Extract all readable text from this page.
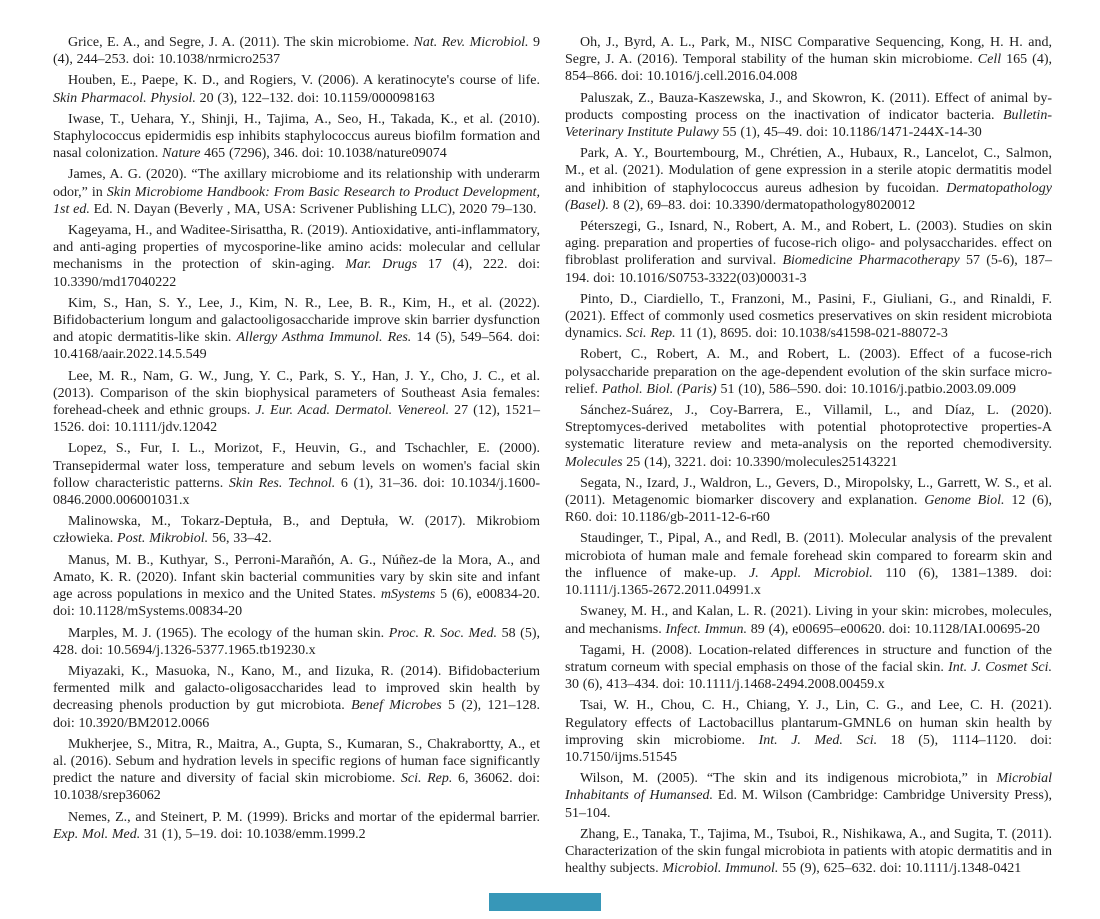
Grice, E. A., and Segre, J. A. (2011). The skin microbiome. Nat. Rev. Microbiol. 9 (4), 244–253. doi: 10.1038/nrmicro2537

Houben, E., Paepe, K. D., and Rogiers, V. (2006). A keratinocyte's course of life. Skin Pharmacol. Physiol. 20 (3), 122–132. doi: 10.1159/000098163

Iwase, T., Uehara, Y., Shinji, H., Tajima, A., Seo, H., Takada, K., et al. (2010). Staphylococcus epidermidis esp inhibits staphylococcus aureus biofilm formation and nasal colonization. Nature 465 (7296), 346. doi: 10.1038/nature09074

James, A. G. (2020). “The axillary microbiome and its relationship with underarm odor,” in Skin Microbiome Handbook: From Basic Research to Product Development, 1st ed. Ed. N. Dayan (Beverly , MA, USA: Scrivener Publishing LLC), 2020 79–130.

Kageyama, H., and Waditee-Sirisattha, R. (2019). Antioxidative, anti-inflammatory, and anti-aging properties of mycosporine-like amino acids: molecular and cellular mechanisms in the protection of skin-aging. Mar. Drugs 17 (4), 222. doi: 10.3390/md17040222

Kim, S., Han, S. Y., Lee, J., Kim, N. R., Lee, B. R., Kim, H., et al. (2022). Bifidobacterium longum and galactooligosaccharide improve skin barrier dysfunction and atopic dermatitis-like skin. Allergy Asthma Immunol. Res. 14 (5), 549–564. doi: 10.4168/aair.2022.14.5.549

Lee, M. R., Nam, G. W., Jung, Y. C., Park, S. Y., Han, J. Y., Cho, J. C., et al. (2013). Comparison of the skin biophysical parameters of Southeast Asia females: forehead-cheek and ethnic groups. J. Eur. Acad. Dermatol. Venereol. 27 (12), 1521–1526. doi: 10.1111/jdv.12042

Lopez, S., Fur, I. L., Morizot, F., Heuvin, G., and Tschachler, E. (2000). Transepidermal water loss, temperature and sebum levels on women's facial skin follow characteristic patterns. Skin Res. Technol. 6 (1), 31–36. doi: 10.1034/j.1600-0846.2000.006001031.x

Malinowska, M., Tokarz-Deptuła, B., and Deptuła, W. (2017). Mikrobiom człowieka. Post. Mikrobiol. 56, 33–42.

Manus, M. B., Kuthyar, S., Perroni-Marañón, A. G., Núñez-de la Mora, A., and Amato, K. R. (2020). Infant skin bacterial communities vary by skin site and infant age across populations in mexico and the United States. mSystems 5 (6), e00834-20. doi: 10.1128/mSystems.00834-20

Marples, M. J. (1965). The ecology of the human skin. Proc. R. Soc. Med. 58 (5), 428. doi: 10.5694/j.1326-5377.1965.tb19230.x

Miyazaki, K., Masuoka, N., Kano, M., and Iizuka, R. (2014). Bifidobacterium fermented milk and galacto-oligosaccharides lead to improved skin health by decreasing phenols production by gut microbiota. Benef Microbes 5 (2), 121–128. doi: 10.3920/BM2012.0066

Mukherjee, S., Mitra, R., Maitra, A., Gupta, S., Kumaran, S., Chakrabortty, A., et al. (2016). Sebum and hydration levels in specific regions of human face significantly predict the nature and diversity of facial skin microbiome. Sci. Rep. 6, 36062. doi: 10.1038/srep36062

Nemes, Z., and Steinert, P. M. (1999). Bricks and mortar of the epidermal barrier. Exp. Mol. Med. 31 (1), 5–19. doi: 10.1038/emm.1999.2

Oh, J., Byrd, A. L., Park, M., NISC Comparative Sequencing, Kong, H. H. and, Segre, J. A. (2016). Temporal stability of the human skin microbiome. Cell 165 (4), 854–866. doi: 10.1016/j.cell.2016.04.008

Paluszak, Z., Bauza-Kaszewska, J., and Skowron, K. (2011). Effect of animal by-products composting process on the inactivation of indicator bacteria. Bulletin-Veterinary Institute Pulawy 55 (1), 45–49. doi: 10.1186/1471-244X-14-30

Park, A. Y., Bourtembourg, M., Chrétien, A., Hubaux, R., Lancelot, C., Salmon, M., et al. (2021). Modulation of gene expression in a sterile atopic dermatitis model and inhibition of staphylococcus aureus adhesion by fucoidan. Dermatopathology (Basel). 8 (2), 69–83. doi: 10.3390/dermatopathology8020012

Péterszegi, G., Isnard, N., Robert, A. M., and Robert, L. (2003). Studies on skin aging. preparation and properties of fucose-rich oligo- and polysaccharides. effect on fibroblast proliferation and survival. Biomedicine Pharmacotherapy 57 (5-6), 187–194. doi: 10.1016/S0753-3322(03)00031-3

Pinto, D., Ciardiello, T., Franzoni, M., Pasini, F., Giuliani, G., and Rinaldi, F. (2021). Effect of commonly used cosmetics preservatives on skin resident microbiota dynamics. Sci. Rep. 11 (1), 8695. doi: 10.1038/s41598-021-88072-3

Robert, C., Robert, A. M., and Robert, L. (2003). Effect of a fucose-rich polysaccharide preparation on the age-dependent evolution of the skin surface micro-relief. Pathol. Biol. (Paris) 51 (10), 586–590. doi: 10.1016/j.patbio.2003.09.009

Sánchez-Suárez, J., Coy-Barrera, E., Villamil, L., and Díaz, L. (2020). Streptomyces-derived metabolites with potential photoprotective properties-A systematic literature review and meta-analysis on the reported chemodiversity. Molecules 25 (14), 3221. doi: 10.3390/molecules25143221

Segata, N., Izard, J., Waldron, L., Gevers, D., Miropolsky, L., Garrett, W. S., et al. (2011). Metagenomic biomarker discovery and explanation. Genome Biol. 12 (6), R60. doi: 10.1186/gb-2011-12-6-r60

Staudinger, T., Pipal, A., and Redl, B. (2011). Molecular analysis of the prevalent microbiota of human male and female forehead skin compared to forearm skin and the influence of make-up. J. Appl. Microbiol. 110 (6), 1381–1389. doi: 10.1111/j.1365-2672.2011.04991.x

Swaney, M. H., and Kalan, L. R. (2021). Living in your skin: microbes, molecules, and mechanisms. Infect. Immun. 89 (4), e00695–e00620. doi: 10.1128/IAI.00695-20

Tagami, H. (2008). Location-related differences in structure and function of the stratum corneum with special emphasis on those of the facial skin. Int. J. Cosmet Sci. 30 (6), 413–434. doi: 10.1111/j.1468-2494.2008.00459.x

Tsai, W. H., Chou, C. H., Chiang, Y. J., Lin, C. G., and Lee, C. H. (2021). Regulatory effects of Lactobacillus plantarum-GMNL6 on human skin health by improving skin microbiome. Int. J. Med. Sci. 18 (5), 1114–1120. doi: 10.7150/ijms.51545

Wilson, M. (2005). “The skin and its indigenous microbiota,” in Microbial Inhabitants of Humansed. Ed. M. Wilson (Cambridge: Cambridge University Press), 51–104.

Zhang, E., Tanaka, T., Tajima, M., Tsuboi, R., Nishikawa, A., and Sugita, T. (2011). Characterization of the skin fungal microbiota in patients with atopic dermatitis and in healthy subjects. Microbiol. Immunol. 55 (9), 625–632. doi: 10.1111/j.1348-0421
